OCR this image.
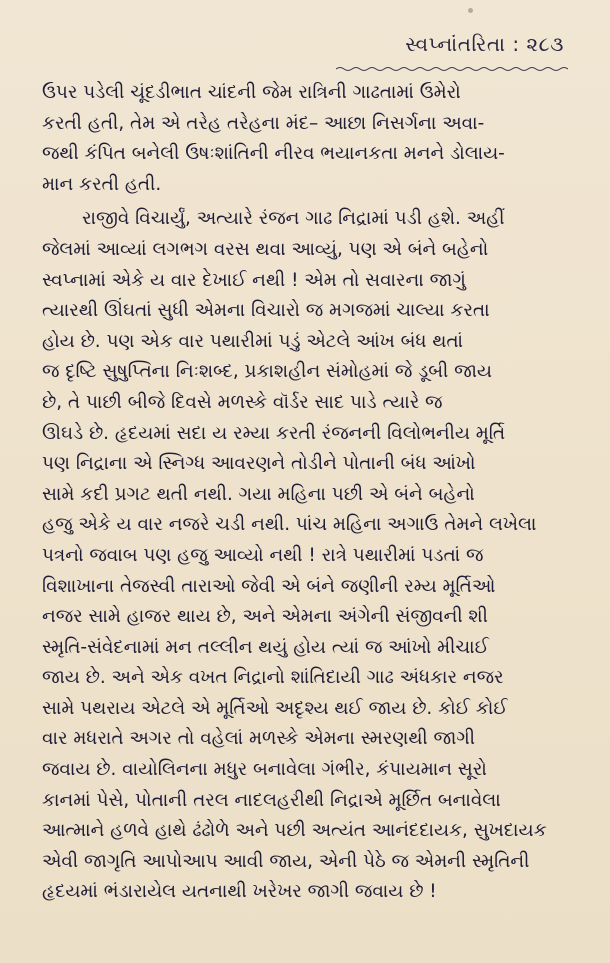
સ્વપ્નાંતરિતા : ૨૮૩
ઉપર પડેલી ચૂંદડીભાત ચાંદની જેમ રાત્રિની ગાઢતામાં ઉમેરો
કરતી હતી, તેમ એ તરેહ તરેહના મંદ– આછા નિસર્ગના અવા-
જથી કંપિત બનેલી ઉષઃશાંતિની નીરવ ભયાનકતા મનને ડોલાય-
માન કરતી હતી.
રાજીવે વિચાર્યું, અત્યારે રંજન ગાઢ નિદ્રામાં પડી હશે. અહીં
જેલમાં આવ્યાં લગભગ વરસ થવા આવ્યું, પણ એ બંને બહેનો
સ્વપ્નામાં એકે ય વાર દેખાઈ નથી ! એમ તો સવારના જાગું
ત્યારથી ઊંઘતાં સુધી એમના વિચારો જ મગજમાં ચાલ્યા કરતા
હોય છે. પણ એક વાર પથારીમાં પડું એટલે આંખ બંધ થતાં
જ દૃષ્ટિ સુષુપ્તિના નિઃશબ્દ, પ્રકાશહીન સંમોહમાં જે ડૂબી જાય
છે, તે પાછી બીજે દિવસે મળસ્કે વૉર્ડર સાદ પાડે ત્યારે જ
ઊઘડે છે. હૃદયમાં સદા ય રમ્યા કરતી રંજનની વિલોભનીય મૂર્તિ
પણ નિદ્રાના એ સ્નિગ્ધ આવરણને તોડીને પોતાની બંધ આંખો
સામે કદી પ્રગટ થતી નથી. ગયા મહિના પછી એ બંને બહેનો
હજુ એકે ય વાર નજરે ચડી નથી. પાંચ મહિના અગાઉ તેમને લખેલા
પત્રનો જવાબ પણ હજુ આવ્યો નથી ! રાત્રે પથારીમાં પડતાં જ
વિશાખાના તેજસ્વી તારાઓ જેવી એ બંને જણીની રમ્ય મૂર્તિઓ
નજર સામે હાજર થાય છે, અને એમના અંગેની સંજીવની શી
સ્મૃતિ-સંવેદનામાં મન તલ્લીન થયું હોય ત્યાં જ આંખો મીચાઈ
જાય છે. અને એક વખત નિદ્રાનો શાંતિદાયી ગાઢ અંધકાર નજર
સામે પથરાય એટલે એ મૂર્તિઓ અદૃશ્ય થઈ જાય છે. કોઈ કોઈ
વાર મધરાતે અગર તો વહેલાં મળસ્કે એમના સ્મરણથી જાગી
જવાય છે. વાયોલિનના મધુર બનાવેલા ગંભીર, કંપાયમાન સૂરો
કાનમાં પેસે, પોતાની તરલ નાદલહરીથી નિદ્રાએ મૂર્છિત બનાવેલા
આત્માને હળવે હાથે ઢંઢોળે અને પછી અત્યંત આનંદદાયક, સુખદાયક
એવી જાગૃતિ આપોઆપ આવી જાય, એની પેઠે જ એમની સ્મૃતિની
હૃદયમાં ભંડારાયેલ યતનાથી ખરેખર જાગી જવાય છે !
